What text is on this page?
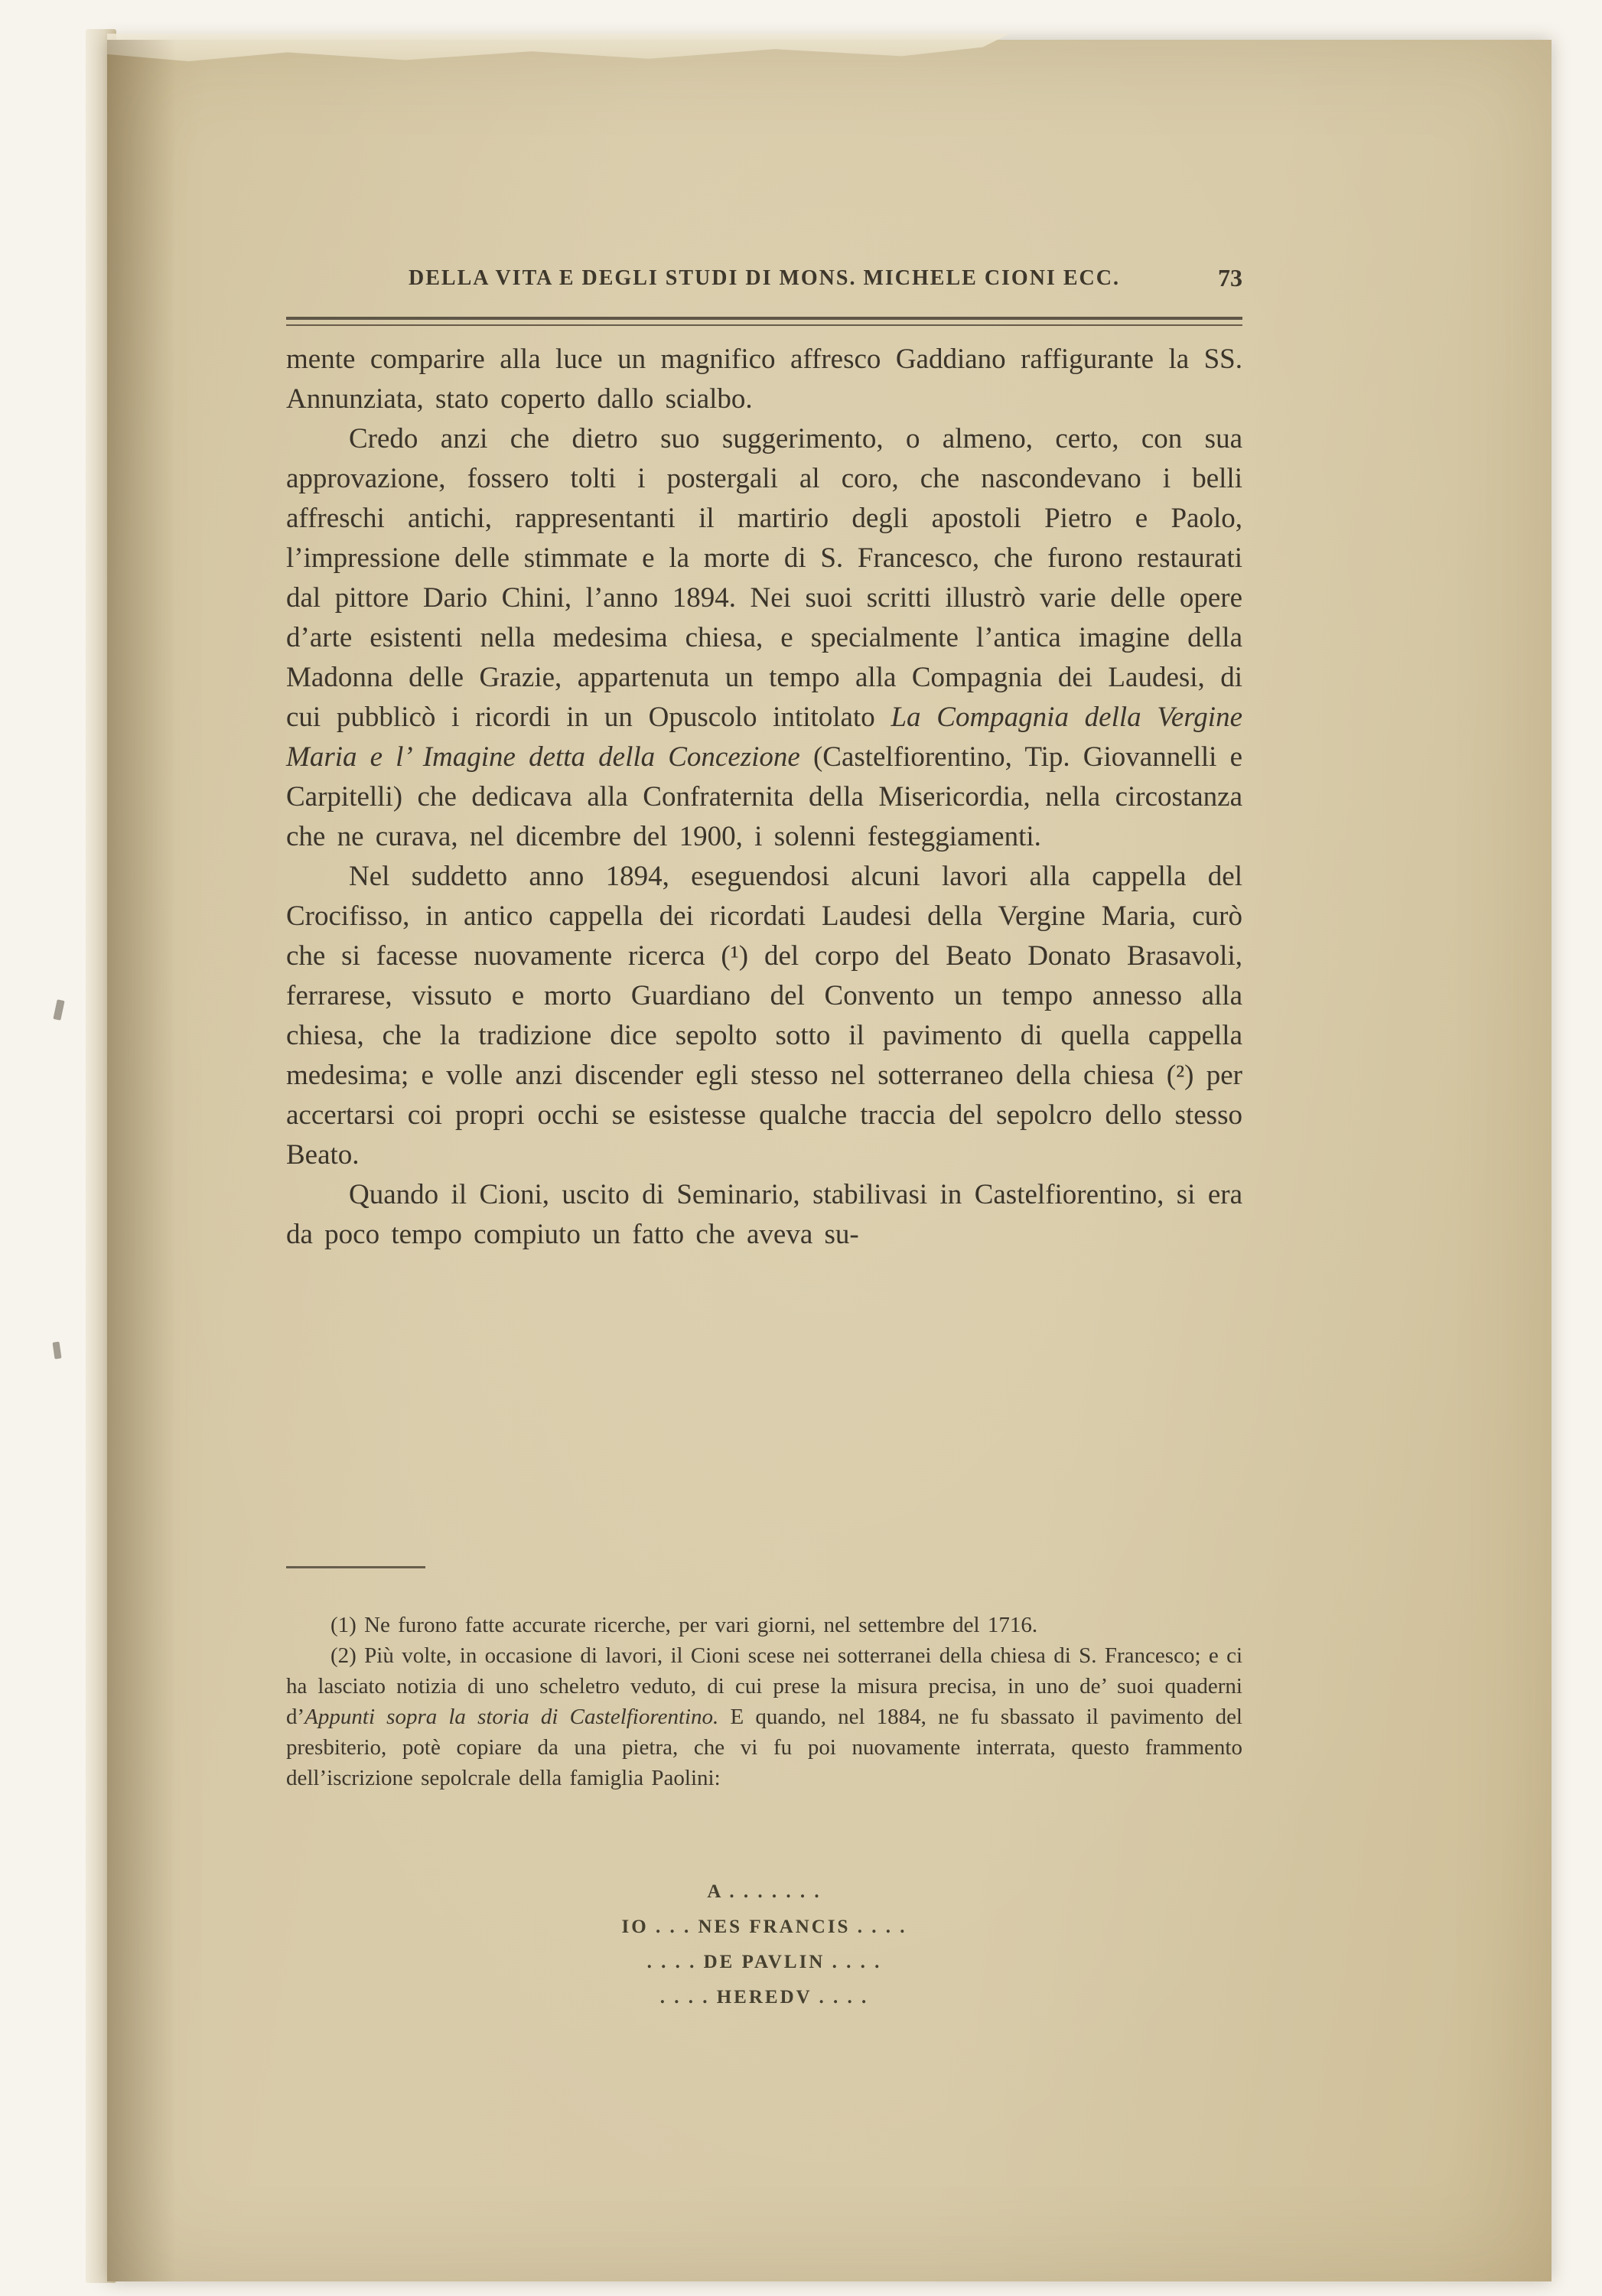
DELLA VITA E DEGLI STUDI DI MONS. MICHELE CIONI ECC.	73

mente comparire alla luce un magnifico affresco Gaddiano raffigurante la SS. Annunziata, stato coperto dallo scialbo.

Credo anzi che dietro suo suggerimento, o almeno, certo, con sua approvazione, fossero tolti i postergali al coro, che nascondevano i belli affreschi antichi, rappresentanti il martirio degli apostoli Pietro e Paolo, l’impressione delle stimmate e la morte di S. Francesco, che furono restaurati dal pittore Dario Chini, l’anno 1894. Nei suoi scritti illustrò varie delle opere d’arte esistenti nella medesima chiesa, e specialmente l’antica imagine della Madonna delle Grazie, appartenuta un tempo alla Compagnia dei Laudesi, di cui pubblicò i ricordi in un Opuscolo intitolato La Compagnia della Vergine Maria e l’ Imagine detta della Concezione (Castelfiorentino, Tip. Giovannelli e Carpitelli) che dedicava alla Confraternita della Misericordia, nella circostanza che ne curava, nel dicembre del 1900, i solenni festeggiamenti.

Nel suddetto anno 1894, eseguendosi alcuni lavori alla cappella del Crocifisso, in antico cappella dei ricordati Laudesi della Vergine Maria, curò che si facesse nuovamente ricerca (¹) del corpo del Beato Donato Brasavoli, ferrarese, vissuto e morto Guardiano del Convento un tempo annesso alla chiesa, che la tradizione dice sepolto sotto il pavimento di quella cappella medesima; e volle anzi discender egli stesso nel sotterraneo della chiesa (²) per accertarsi coi propri occhi se esistesse qualche traccia del sepolcro dello stesso Beato.

Quando il Cioni, uscito di Seminario, stabilivasi in Castelfiorentino, si era da poco tempo compiuto un fatto che aveva su-

(1) Ne furono fatte accurate ricerche, per vari giorni, nel settembre del 1716.

(2) Più volte, in occasione di lavori, il Cioni scese nei sotterranei della chiesa di S. Francesco; e ci ha lasciato notizia di uno scheletro veduto, di cui prese la misura precisa, in uno de’ suoi quaderni d’Appunti sopra la storia di Castelfiorentino. E quando, nel 1884, ne fu sbassato il pavimento del presbiterio, potè copiare da una pietra, che vi fu poi nuovamente interrata, questo frammento dell’iscrizione sepolcrale della famiglia Paolini:

A . . . . . . .
IO . . . NES FRANCIS . . . .
. . . . DE PAVLIN . . . .
. . . . HEREDV . . . .
